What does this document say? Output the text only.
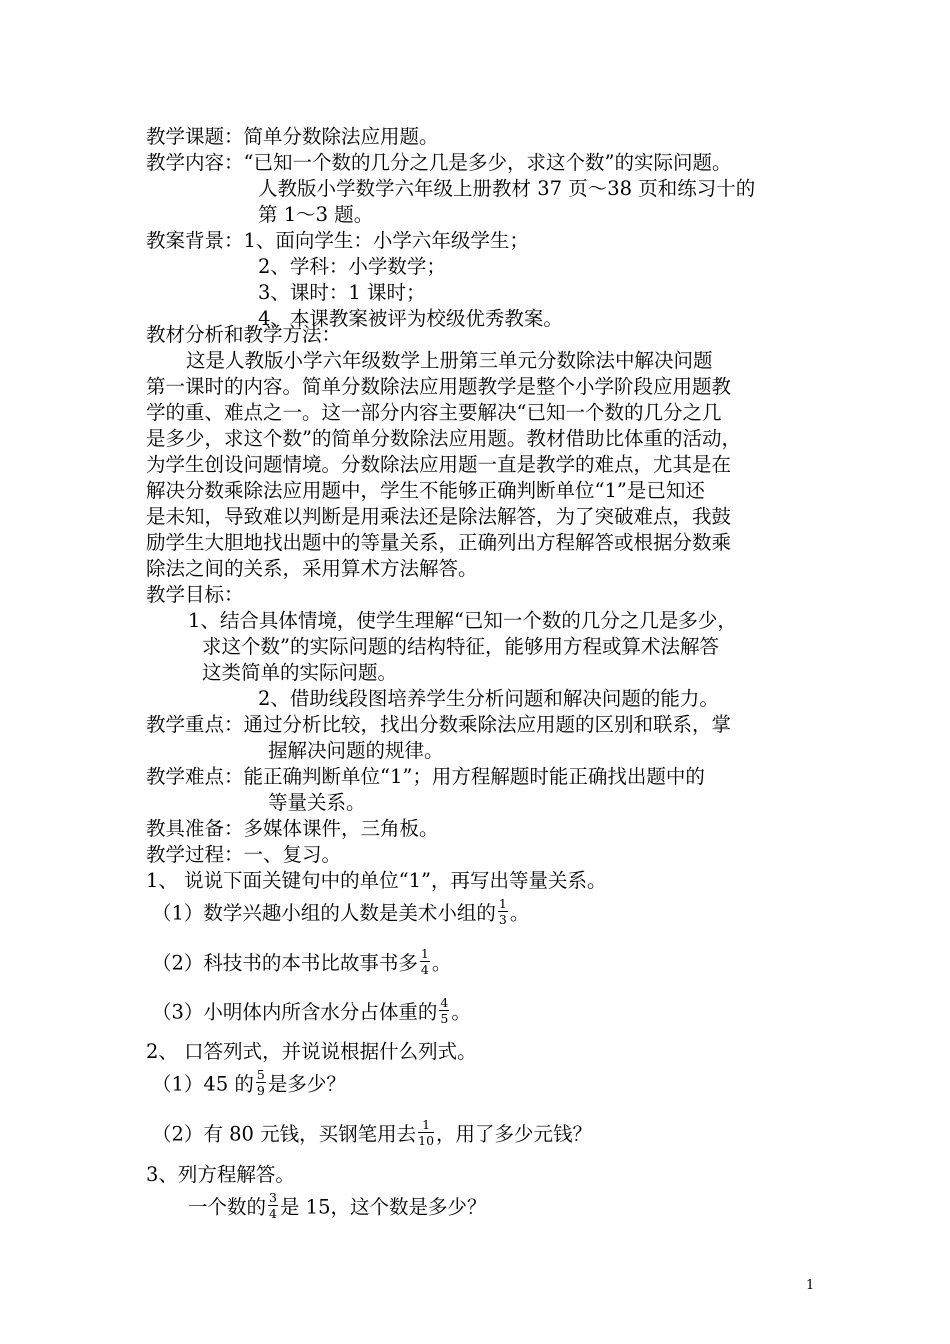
教学课题：简单分数除法应用题。
教学内容：“已知一个数的几分之几是多少，求这个数”的实际问题。
人教版小学数学六年级上册教材 37 页～38 页和练习十的
第 1～3 题。
教案背景：1、面向学生：小学六年级学生；
2、学科：小学数学；
3、课时：1 课时；
4、本课教案被评为校级优秀教案。
教材分析和教学方法：
这是人教版小学六年级数学上册第三单元分数除法中解决问题
第一课时的内容。简单分数除法应用题教学是整个小学阶段应用题教
学的重、难点之一。这一部分内容主要解决“已知一个数的几分之几
是多少，求这个数”的简单分数除法应用题。教材借助比体重的活动，
为学生创设问题情境。分数除法应用题一直是教学的难点，尤其是在
解决分数乘除法应用题中，学生不能够正确判断单位“1”是已知还
是未知，导致难以判断是用乘法还是除法解答，为了突破难点，我鼓
励学生大胆地找出题中的等量关系，正确列出方程解答或根据分数乘
除法之间的关系，采用算术方法解答。
教学目标：
1、结合具体情境，使学生理解“已知一个数的几分之几是多少，
求这个数”的实际问题的结构特征，能够用方程或算术法解答
这类简单的实际问题。
2、借助线段图培养学生分析问题和解决问题的能力。
教学重点：通过分析比较，找出分数乘除法应用题的区别和联系，掌
握解决问题的规律。
教学难点：能正确判断单位“1”；用方程解题时能正确找出题中的
等量关系。
教具准备：多媒体课件，三角板。
教学过程：一、复习。
1、 说说下面关键句中的单位“1”，再写出等量关系。
（1）数学兴趣小组的人数是美术小组的 $\frac{1}{3}$ 。
（2）科技书的本书比故事书多 $\frac{1}{4}$ 。
（3）小明体内所含水分占体重的 $\frac{4}{5}$ 。
2、 口答列式，并说说根据什么列式。
（1）45 的 $\frac{5}{9}$ 是多少？
（2）有 80 元钱，买钢笔用去 $\frac{1}{10}$ ，用了多少元钱？
3、列方程解答。
一个数的 $\frac{3}{4}$ 是 15，这个数是多少？
1
